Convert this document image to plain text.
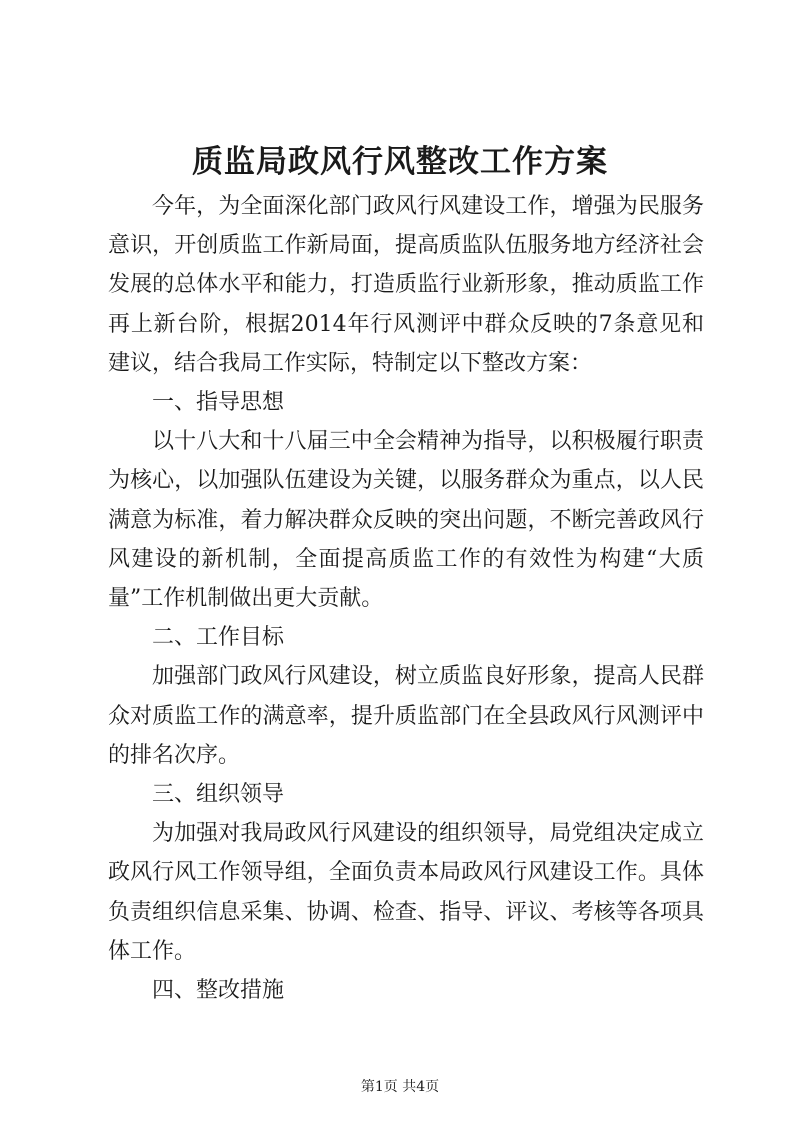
质监局政风行风整改工作方案

今年，为全面深化部门政风行风建设工作，增强为民服务意识，开创质监工作新局面，提高质监队伍服务地方经济社会发展的总体水平和能力，打造质监行业新形象，推动质监工作再上新台阶，根据2014年行风测评中群众反映的7条意见和建议，结合我局工作实际，特制定以下整改方案：

一、指导思想

以十八大和十八届三中全会精神为指导，以积极履行职责为核心，以加强队伍建设为关键，以服务群众为重点，以人民满意为标准，着力解决群众反映的突出问题，不断完善政风行风建设的新机制，全面提高质监工作的有效性为构建“大质量”工作机制做出更大贡献。

二、工作目标

加强部门政风行风建设，树立质监良好形象，提高人民群众对质监工作的满意率，提升质监部门在全县政风行风测评中的排名次序。

三、组织领导

为加强对我局政风行风建设的组织领导，局党组决定成立政风行风工作领导组，全面负责本局政风行风建设工作。具体负责组织信息采集、协调、检查、指导、评议、考核等各项具体工作。

四、整改措施

第1页 共4页
